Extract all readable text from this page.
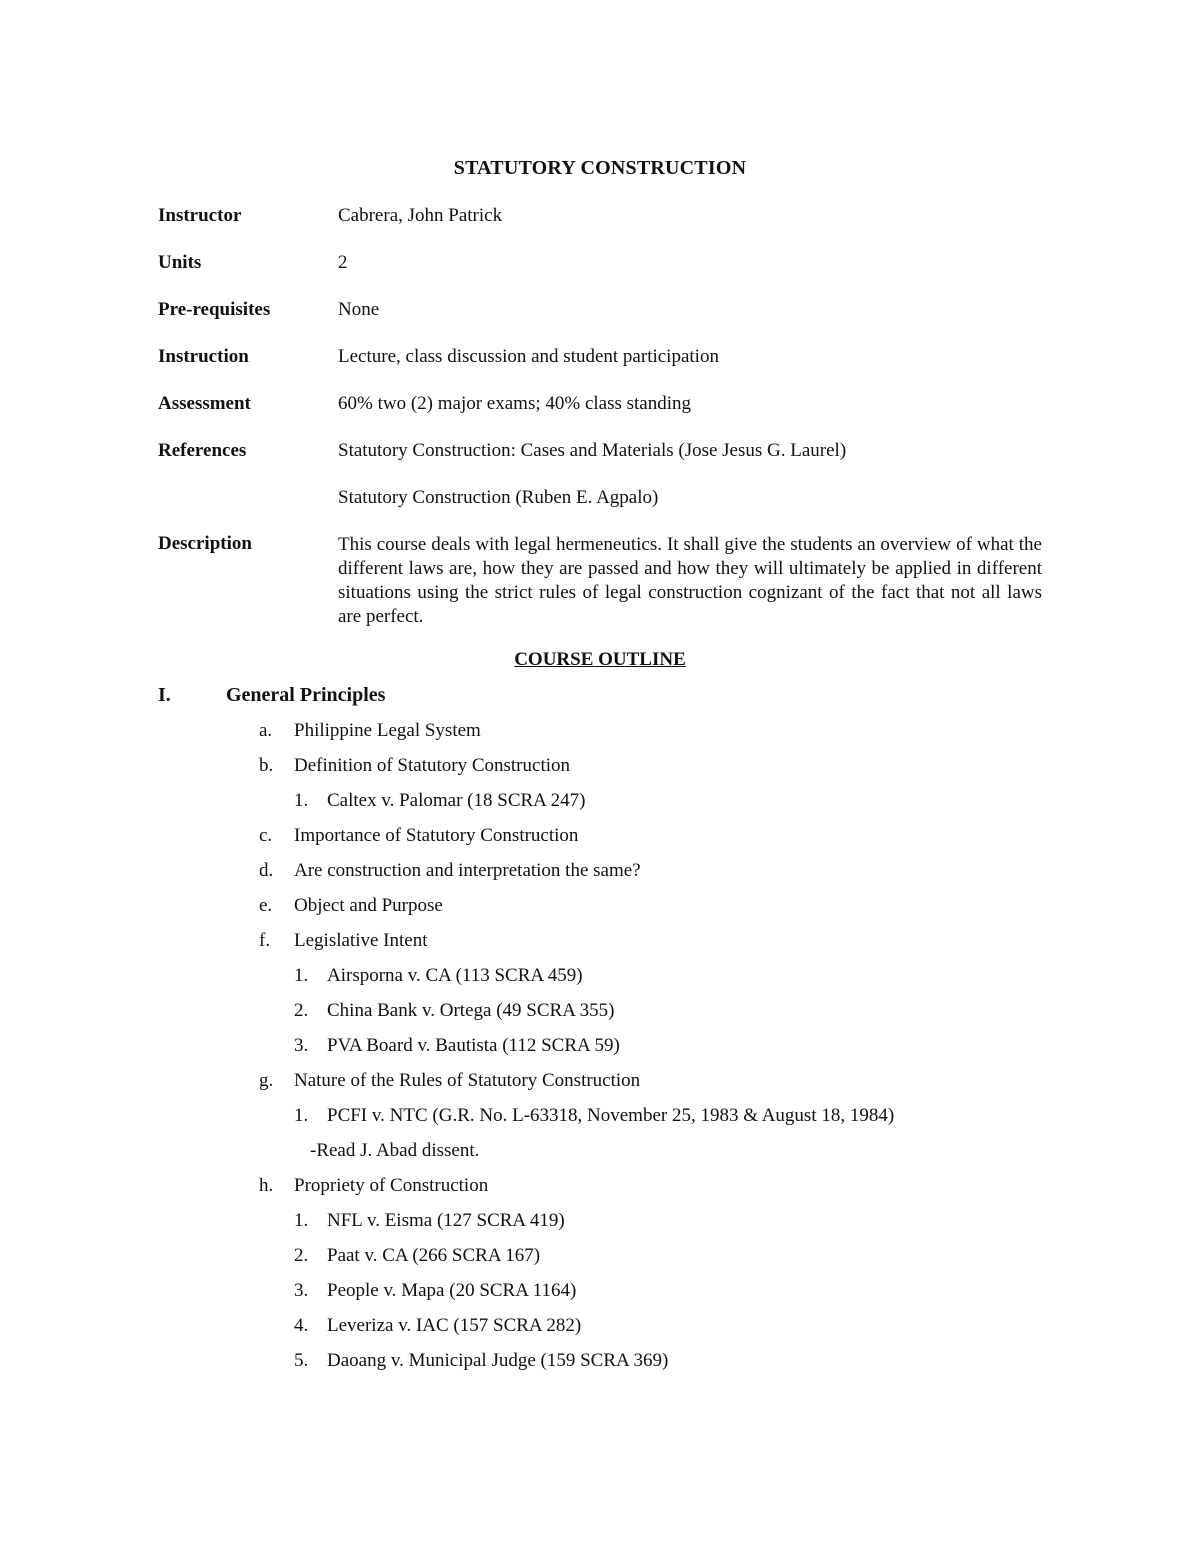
STATUTORY CONSTRUCTION
Instructor	Cabrera, John Patrick
Units	2
Pre-requisites	None
Instruction	Lecture, class discussion and student participation
Assessment	60% two (2) major exams; 40% class standing
References	Statutory Construction: Cases and Materials (Jose Jesus G. Laurel)
Statutory Construction (Ruben E. Agpalo)
Description	This course deals with legal hermeneutics. It shall give the students an overview of what the different laws are, how they are passed and how they will ultimately be applied in different situations using the strict rules of legal construction cognizant of the fact that not all laws are perfect.
COURSE OUTLINE
I.	General Principles
a. Philippine Legal System
b. Definition of Statutory Construction
1. Caltex v. Palomar (18 SCRA 247)
c. Importance of Statutory Construction
d. Are construction and interpretation the same?
e. Object and Purpose
f. Legislative Intent
1. Airsporna v. CA (113 SCRA 459)
2. China Bank v. Ortega (49 SCRA 355)
3. PVA Board v. Bautista (112 SCRA 59)
g. Nature of the Rules of Statutory Construction
1. PCFI v. NTC (G.R. No. L-63318, November 25, 1983 & August 18, 1984)
-Read J. Abad dissent.
h. Propriety of Construction
1. NFL v. Eisma (127 SCRA 419)
2. Paat v. CA (266 SCRA 167)
3. People v. Mapa (20 SCRA 1164)
4. Leveriza v. IAC (157 SCRA 282)
5. Daoang v. Municipal Judge (159 SCRA 369)
